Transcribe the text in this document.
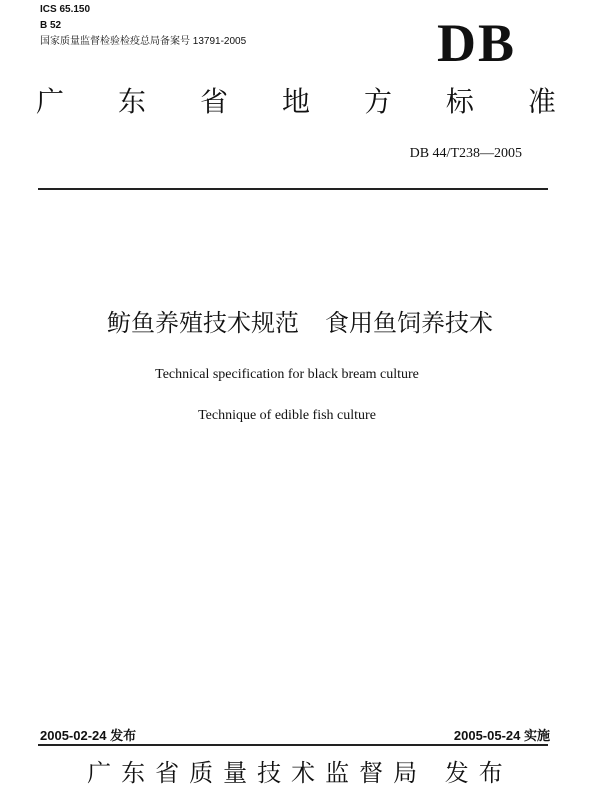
ICS 65.150
B 52
国家质量监督检验检疫总局备案号 13791-2005	DB
广 东 省 地 方 标 准
DB 44/T238—2005
鲂鱼养殖技术规范 食用鱼饲养技术
Technical specification for black bream culture
Technique of edible fish culture
2005-02-24 发布	2005-05-24 实施
广东省质量技术监督局 发布
